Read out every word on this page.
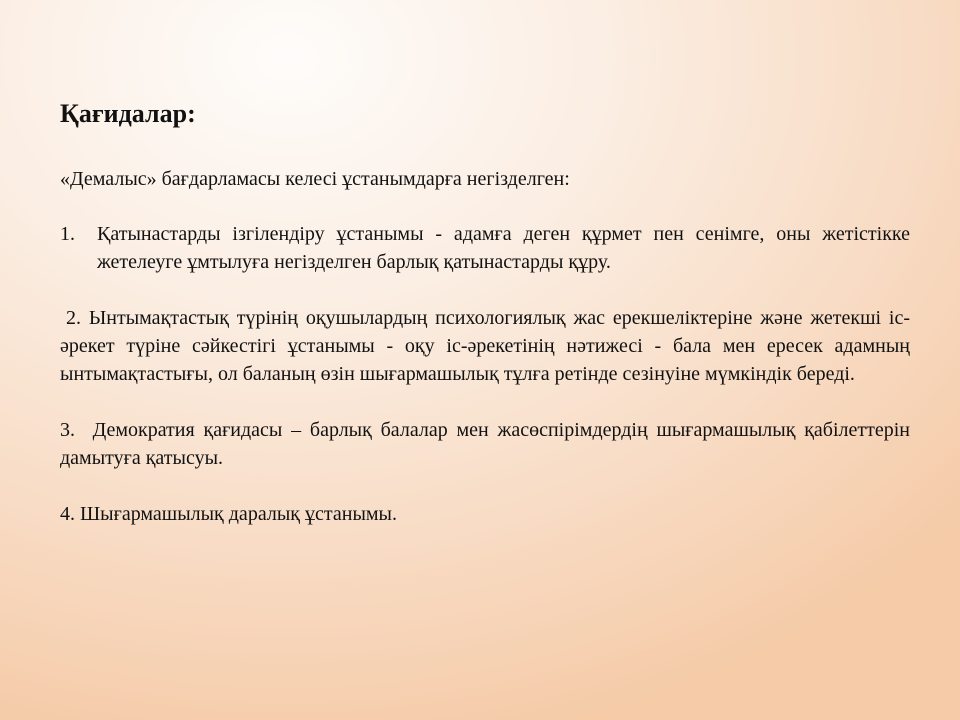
Қағидалар:
«Демалыс» бағдарламасы келесі ұстанымдарға негізделген:
1. Қатынастарды ізгілендіру ұстанымы - адамға деген құрмет пен сенімге, оны жетістікке жетелеуге ұмтылуға негізделген барлық қатынастарды құру.
2. Ынтымақтастық түрінің оқушылардың психологиялық жас ерекшеліктеріне және жетекші іс-әрекет түріне сәйкестігі ұстанымы - оқу іс-әрекетінің нәтижесі - бала мен ересек адамның ынтымақтастығы, ол баланың өзін шығармашылық тұлға ретінде сезінуіне мүмкіндік береді.
3. Демократия қағидасы – барлық балалар мен жасөспірімдердің шығармашылық қабілеттерін дамытуға қатысуы.
4. Шығармашылық даралық ұстанымы.
